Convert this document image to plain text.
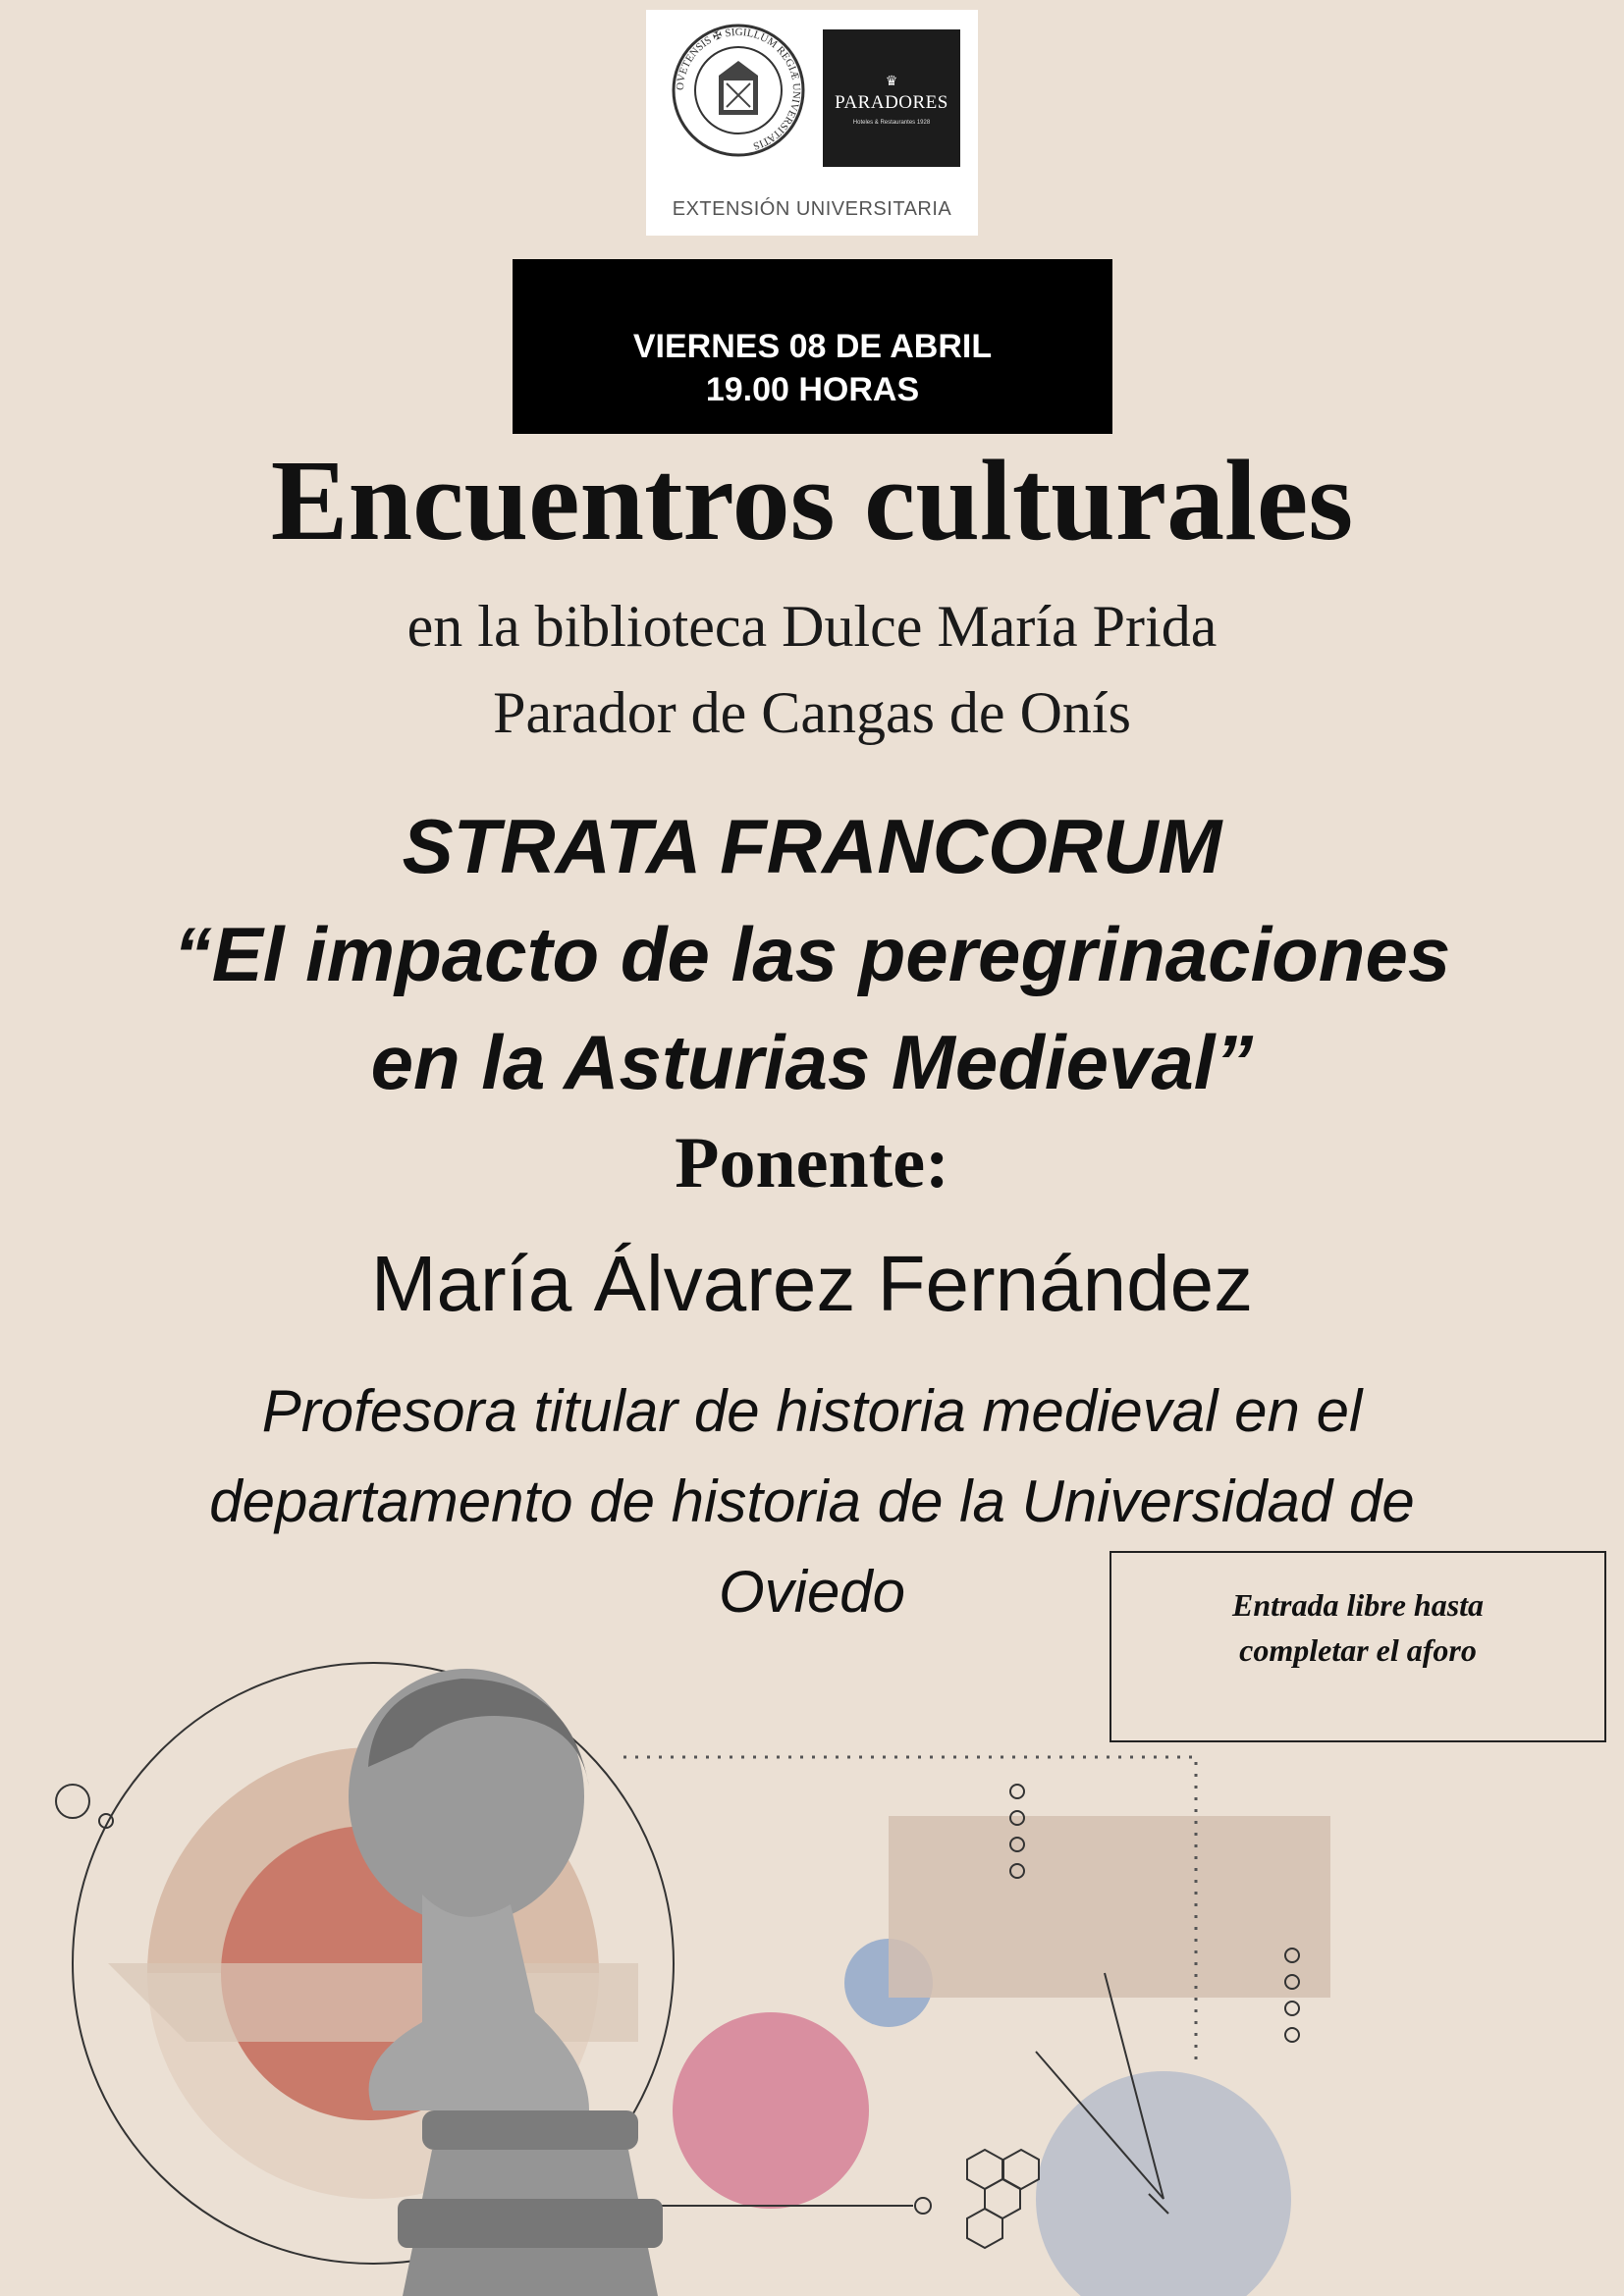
OVETENSIS ✠ SIGILLUM REGIÆ UNIVERSITATIS
♛
PARADORES
Hoteles & Restaurantes 1928
EXTENSIÓN UNIVERSITARIA
VIERNES 08 DE ABRIL
19.00 HORAS
Encuentros culturales
en la biblioteca Dulce María Prida
Parador de Cangas de Onís
STRATA FRANCORUM
“El impacto de las peregrinaciones
en la Asturias Medieval”
Ponente:
María Álvarez Fernández
Profesora titular de historia medieval en el
departamento de historia de la Universidad de
Oviedo	Entrada libre hasta
completar el aforo
